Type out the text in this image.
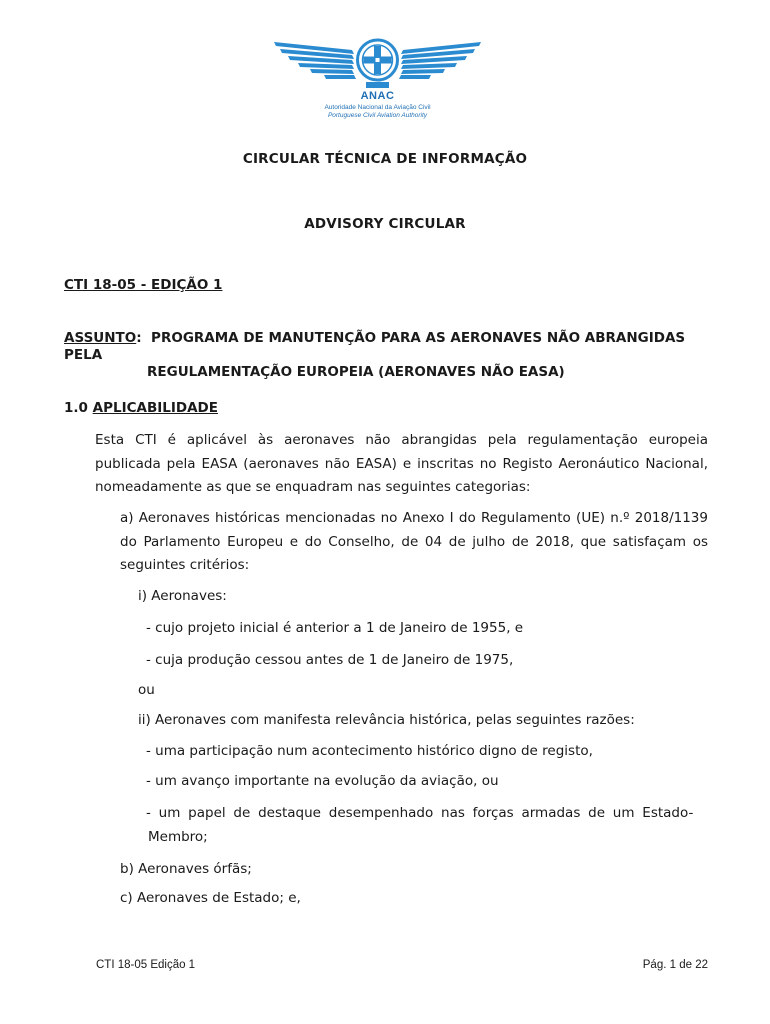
ANAC
Autoridade Nacional da Aviação Civil
Portuguese Civil Aviation Authority
CIRCULAR TÉCNICA DE INFORMAÇÃO
ADVISORY CIRCULAR
CTI 18-05 - EDIÇÃO 1
ASSUNTO:  PROGRAMA DE MANUTENÇÃO PARA AS AERONAVES NÃO ABRANGIDAS PELA
REGULAMENTAÇÃO EUROPEIA (AERONAVES NÃO EASA)
1.0 APLICABILIDADE
Esta CTI é aplicável às aeronaves não abrangidas pela regulamentação europeia publicada pela EASA (aeronaves não EASA) e inscritas no Registo Aeronáutico Nacional, nomeadamente as que se enquadram nas seguintes categorias:
a) Aeronaves históricas mencionadas no Anexo I do Regulamento (UE) n.º 2018/1139 do Parlamento Europeu e do Conselho, de 04 de julho de 2018, que satisfaçam os seguintes critérios:
i) Aeronaves:
- cujo projeto inicial é anterior a 1 de Janeiro de 1955, e
- cuja produção cessou antes de 1 de Janeiro de 1975,
ou
ii) Aeronaves com manifesta relevância histórica, pelas seguintes razões:
- uma participação num acontecimento histórico digno de registo,
- um avanço importante na evolução da aviação, ou
- um papel de destaque desempenhado nas forças armadas de um Estado-
Membro;
b) Aeronaves órfãs;
c) Aeronaves de Estado; e,
CTI 18-05 Edição 1	Pág. 1 de 22
